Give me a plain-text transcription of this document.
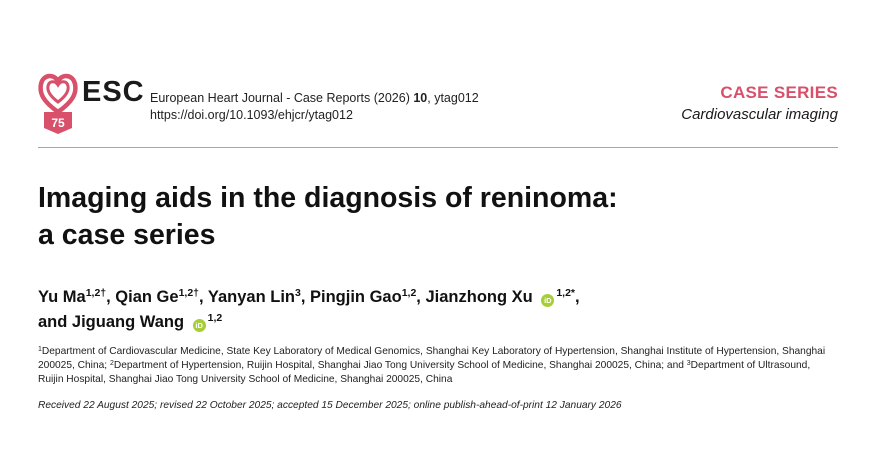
75
ESC European Heart Journal - Case Reports (2026) 10, ytag012
https://doi.org/10.1093/ehjcr/ytag012
CASE SERIES
Cardiovascular imaging
Imaging aids in the diagnosis of reninoma:
a case series
Yu $Ma^{1,2\dagger}$, Qian $Ge^{1,2\dagger}$, Yanyan Lin$^3$, Pingjin Gao$^{1,2}$, Jianzhong Xu $iD^{1,2*}$,
and Jiguang Wang iD$^{1,2}$
$^1$Department of Cardiovascular Medicine, State Key Laboratory of Medical Genomics, Shanghai Key Laboratory of Hypertension, Shanghai Institute of Hypertension, Shanghai 200025, China; $^2$Department of Hypertension, Ruijin Hospital, Shanghai Jiao Tong University School of Medicine, Shanghai 200025, China; and $^3$Department of Ultrasound, Ruijin Hospital, Shanghai Jiao Tong University School of Medicine, Shanghai 200025, China
Received 22 August 2025; revised 22 October 2025; accepted 15 December 2025; online publish-ahead-of-print 12 January 2026
